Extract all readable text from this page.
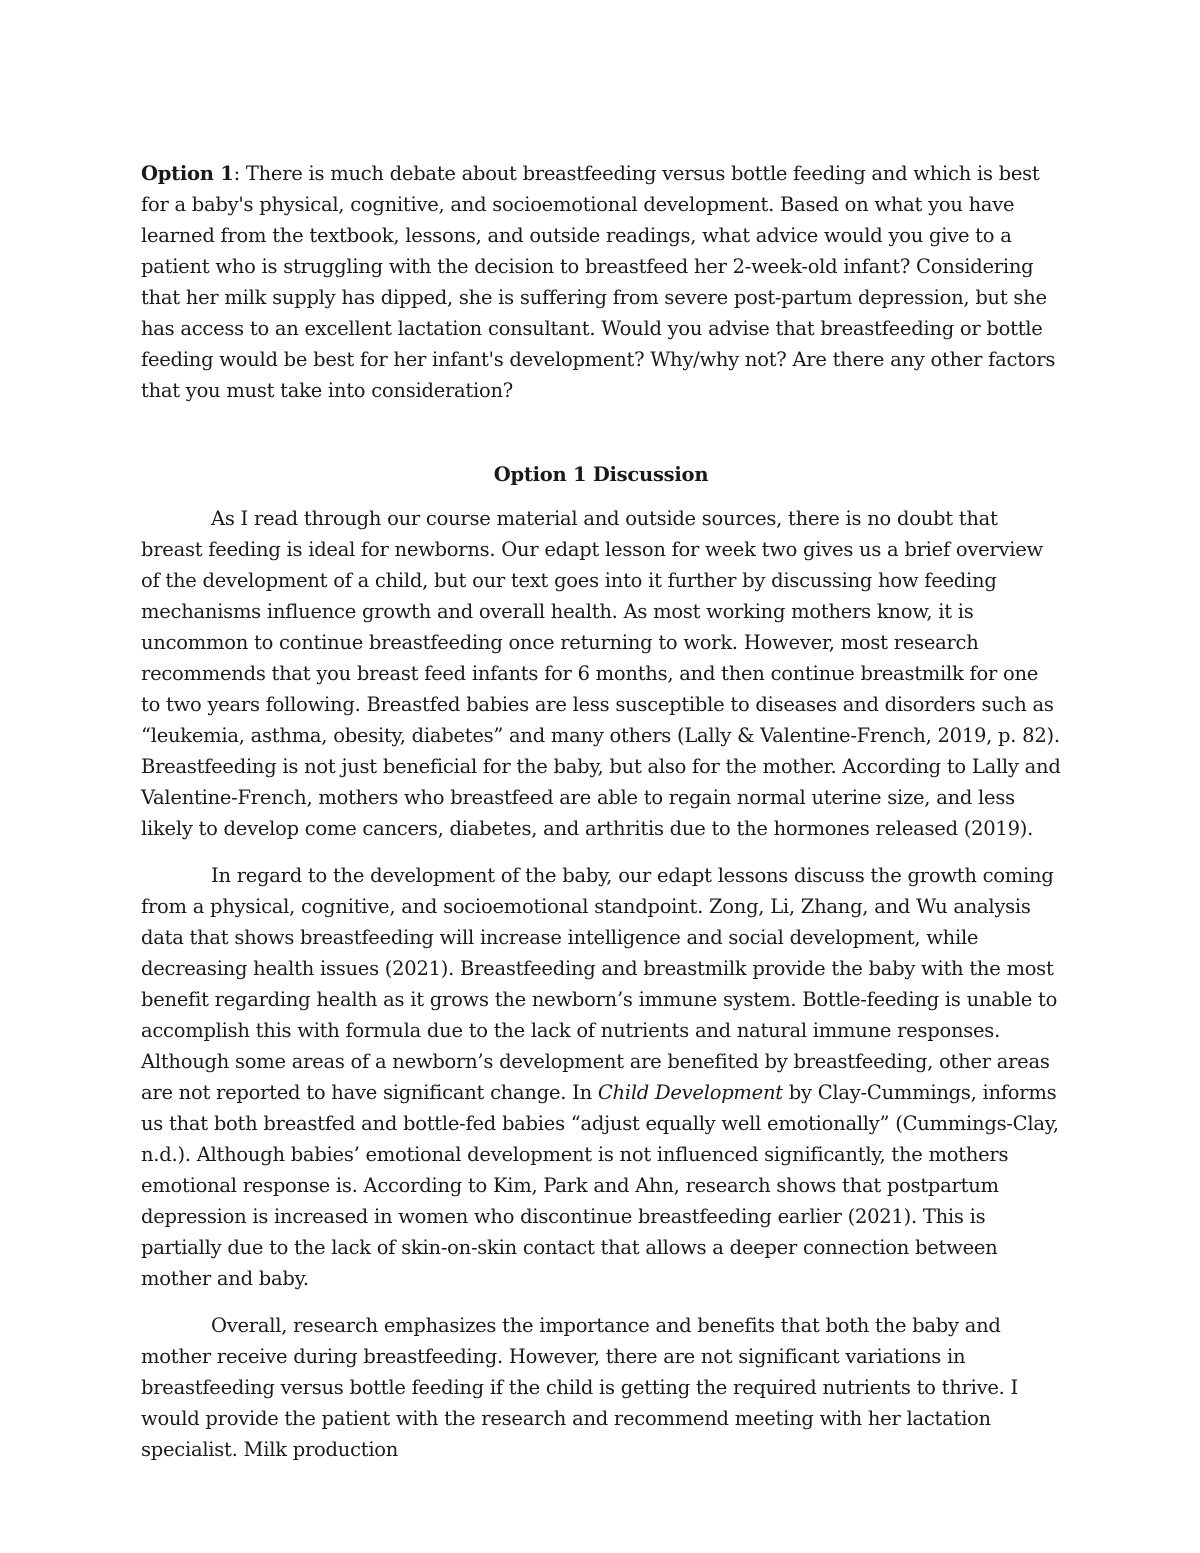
Option 1: There is much debate about breastfeeding versus bottle feeding and which is best for a baby's physical, cognitive, and socioemotional development. Based on what you have learned from the textbook, lessons, and outside readings, what advice would you give to a patient who is struggling with the decision to breastfeed her 2-week-old infant? Considering that her milk supply has dipped, she is suffering from severe post-partum depression, but she has access to an excellent lactation consultant. Would you advise that breastfeeding or bottle feeding would be best for her infant's development? Why/why not? Are there any other factors that you must take into consideration?

Option 1 Discussion

As I read through our course material and outside sources, there is no doubt that breast feeding is ideal for newborns. Our edapt lesson for week two gives us a brief overview of the development of a child, but our text goes into it further by discussing how feeding mechanisms influence growth and overall health. As most working mothers know, it is uncommon to continue breastfeeding once returning to work. However, most research recommends that you breast feed infants for 6 months, and then continue breastmilk for one to two years following. Breastfed babies are less susceptible to diseases and disorders such as “leukemia, asthma, obesity, diabetes” and many others (Lally & Valentine-French, 2019, p. 82). Breastfeeding is not just beneficial for the baby, but also for the mother. According to Lally and Valentine-French, mothers who breastfeed are able to regain normal uterine size, and less likely to develop come cancers, diabetes, and arthritis due to the hormones released (2019).

In regard to the development of the baby, our edapt lessons discuss the growth coming from a physical, cognitive, and socioemotional standpoint. Zong, Li, Zhang, and Wu analysis data that shows breastfeeding will increase intelligence and social development, while decreasing health issues (2021). Breastfeeding and breastmilk provide the baby with the most benefit regarding health as it grows the newborn’s immune system. Bottle-feeding is unable to accomplish this with formula due to the lack of nutrients and natural immune responses. Although some areas of a newborn’s development are benefited by breastfeeding, other areas are not reported to have significant change. In Child Development by Clay-Cummings, informs us that both breastfed and bottle-fed babies “adjust equally well emotionally” (Cummings-Clay, n.d.). Although babies’ emotional development is not influenced significantly, the mothers emotional response is. According to Kim, Park and Ahn, research shows that postpartum depression is increased in women who discontinue breastfeeding earlier (2021). This is partially due to the lack of skin-on-skin contact that allows a deeper connection between mother and baby.

Overall, research emphasizes the importance and benefits that both the baby and mother receive during breastfeeding. However, there are not significant variations in breastfeeding versus bottle feeding if the child is getting the required nutrients to thrive. I would provide the patient with the research and recommend meeting with her lactation specialist. Milk production
